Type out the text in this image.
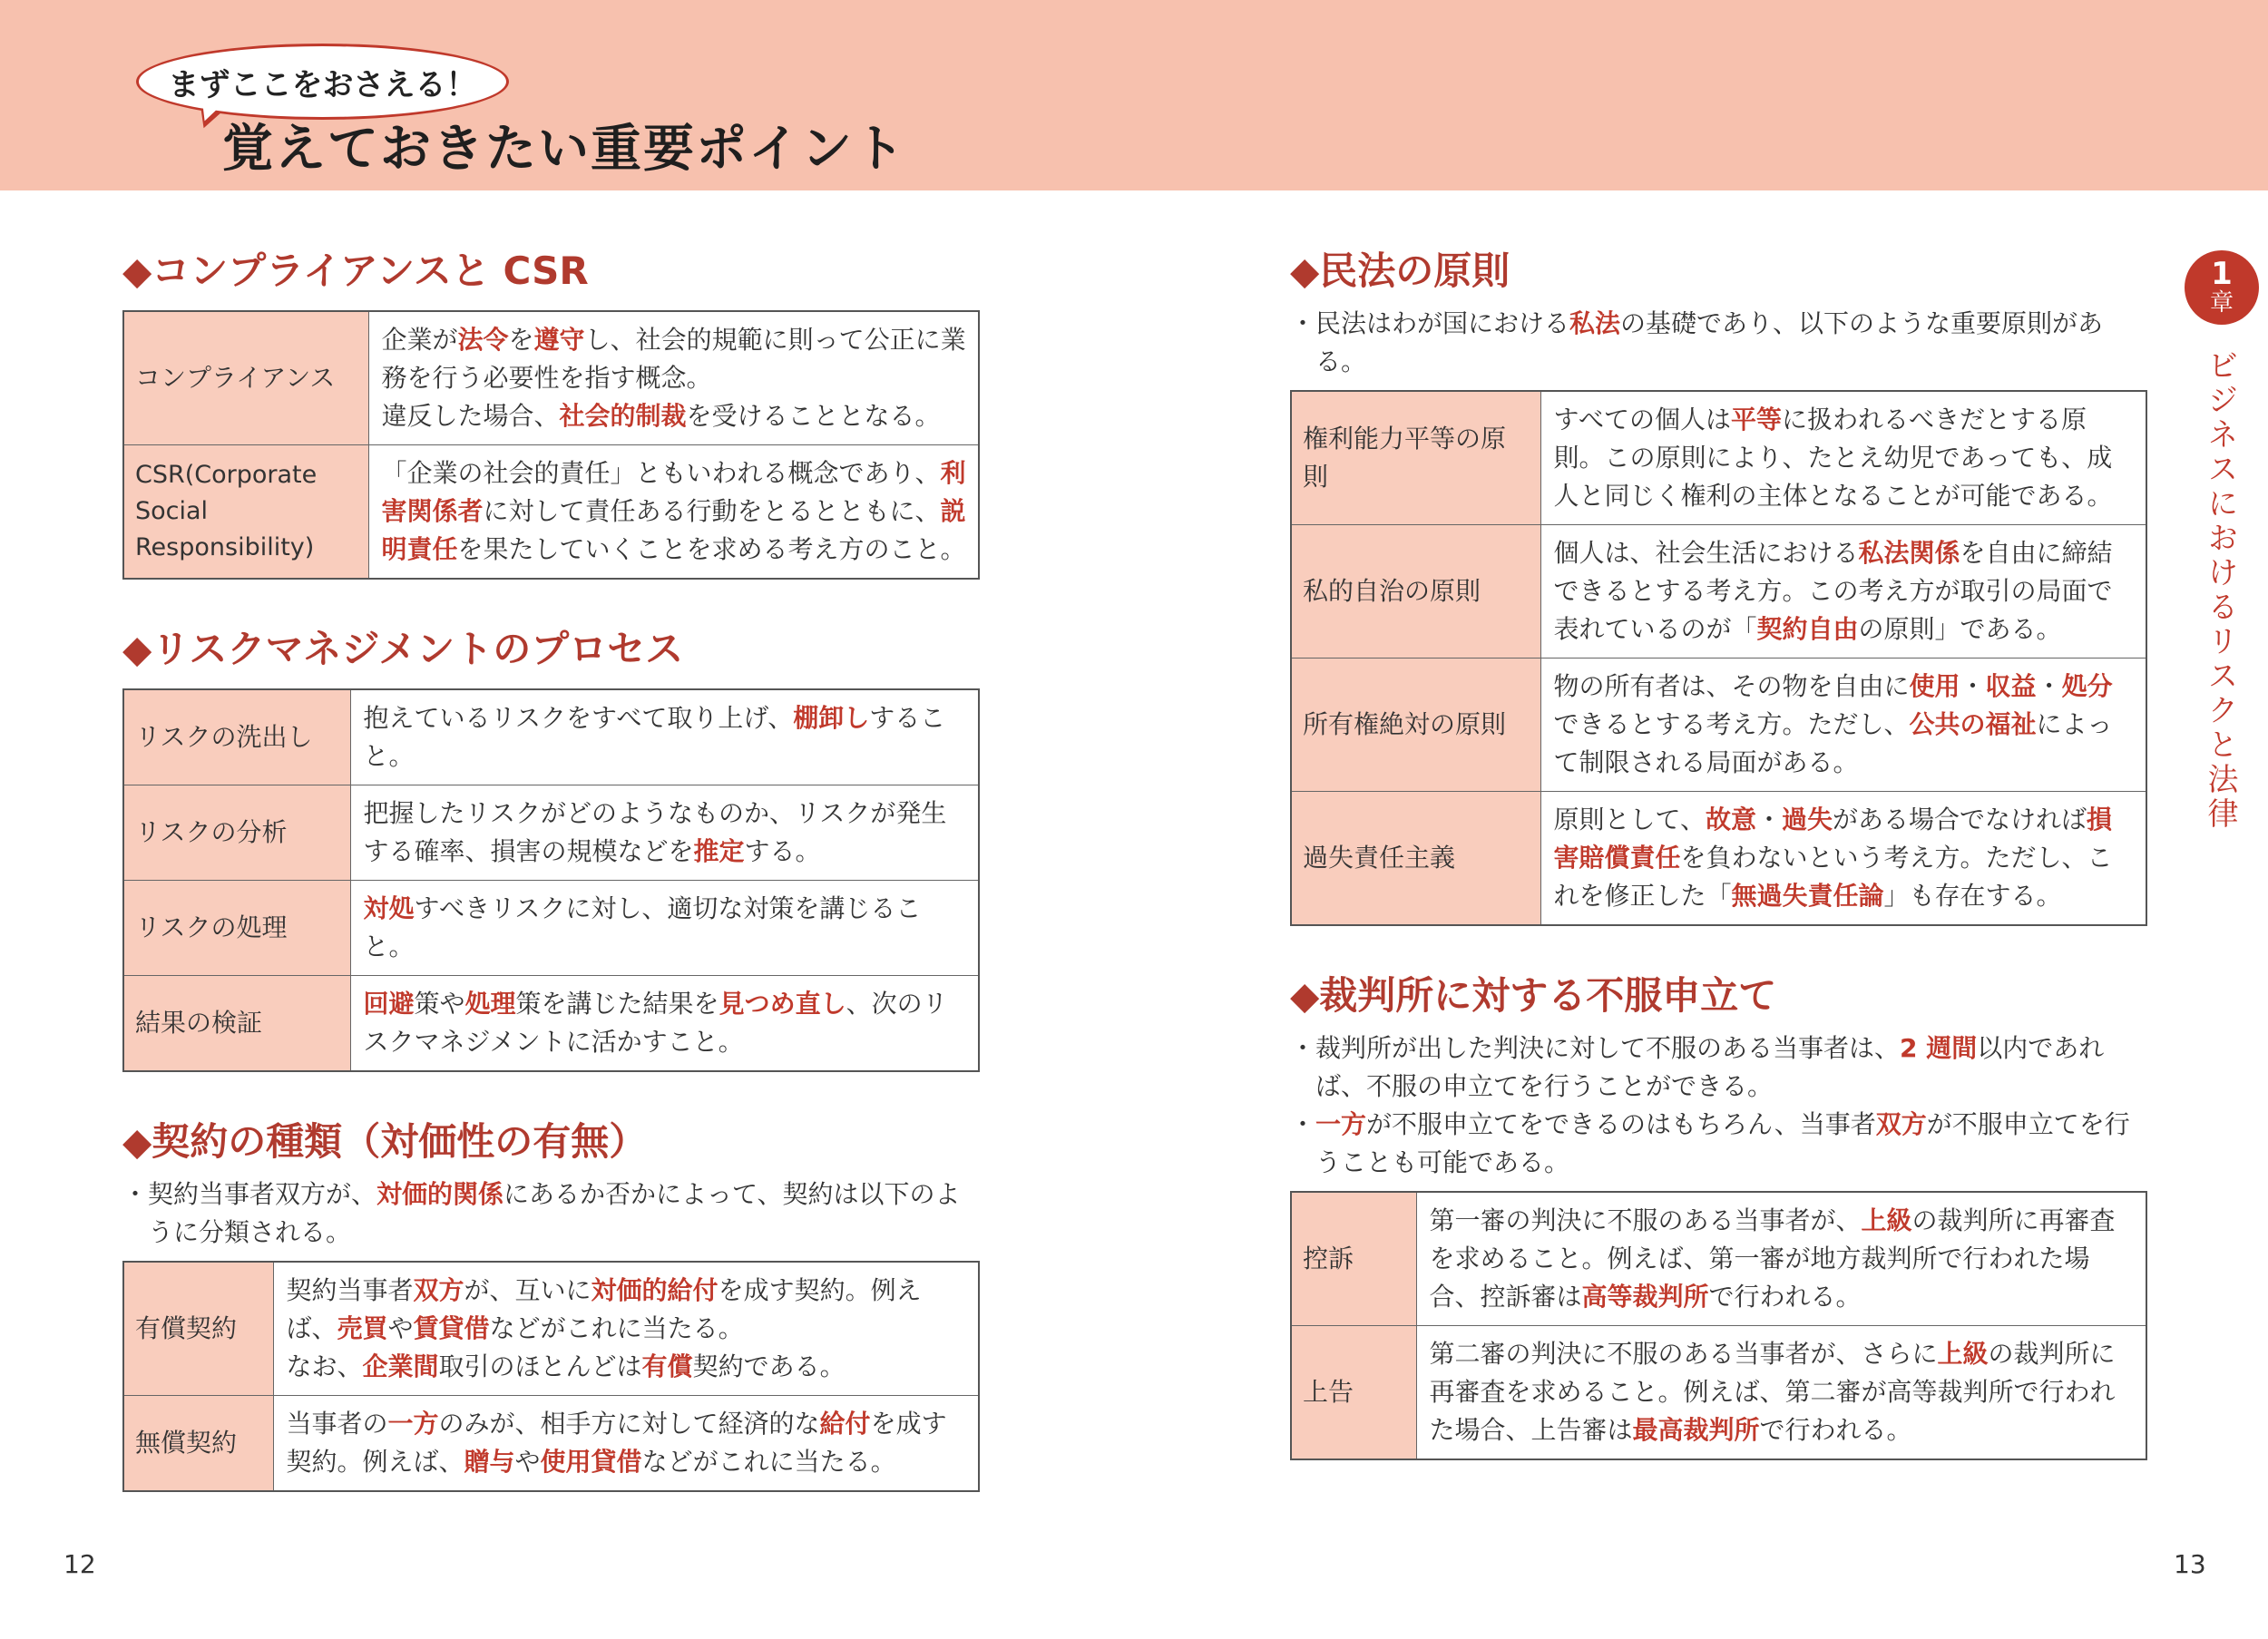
まずここをおさえる！
覚えておきたい重要ポイント
◆コンプライアンスと CSR
コンプライアンス	企業が法令を遵守し、社会的規範に則って公正に業務を行う必要性を指す概念。
違反した場合、社会的制裁を受けることとなる。
CSR(Corporate Social Responsibility)	「企業の社会的責任」ともいわれる概念であり、利害関係者に対して責任ある行動をとるとともに、説明責任を果たしていくことを求める考え方のこと。
◆リスクマネジメントのプロセス
リスクの洗出し	抱えているリスクをすべて取り上げ、棚卸しすること。
リスクの分析	把握したリスクがどのようなものか、リスクが発生する確率、損害の規模などを推定する。
リスクの処理	対処すべきリスクに対し、適切な対策を講じること。
結果の検証	回避策や処理策を講じた結果を見つめ直し、次のリスクマネジメントに活かすこと。
◆契約の種類（対価性の有無）
・契約当事者双方が、対価的関係にあるか否かによって、契約は以下のように分類される。
有償契約	契約当事者双方が、互いに対価的給付を成す契約。例えば、売買や賃貸借などがこれに当たる。
なお、企業間取引のほとんどは有償契約である。
無償契約	当事者の一方のみが、相手方に対して経済的な給付を成す契約。例えば、贈与や使用貸借などがこれに当たる。
◆民法の原則
・民法はわが国における私法の基礎であり、以下のような重要原則がある。
権利能力平等の原則	すべての個人は平等に扱われるべきだとする原則。この原則により、たとえ幼児であっても、成人と同じく権利の主体となることが可能である。
私的自治の原則	個人は、社会生活における私法関係を自由に締結できるとする考え方。この考え方が取引の局面で表れているのが「契約自由の原則」である。
所有権絶対の原則	物の所有者は、その物を自由に使用・収益・処分できるとする考え方。ただし、公共の福祉によって制限される局面がある。
過失責任主義	原則として、故意・過失がある場合でなければ損害賠償責任を負わないという考え方。ただし、これを修正した「無過失責任論」も存在する。
◆裁判所に対する不服申立て
・裁判所が出した判決に対して不服のある当事者は、2 週間以内であれば、不服の申立てを行うことができる。
・一方が不服申立てをできるのはもちろん、当事者双方が不服申立てを行うことも可能である。
控訴	第一審の判決に不服のある当事者が、上級の裁判所に再審査を求めること。例えば、第一審が地方裁判所で行われた場合、控訴審は高等裁判所で行われる。
上告	第二審の判決に不服のある当事者が、さらに上級の裁判所に再審査を求めること。例えば、第二審が高等裁判所で行われた場合、上告審は最高裁判所で行われる。
1
章
ビジネスにおけるリスクと法律
12	13
